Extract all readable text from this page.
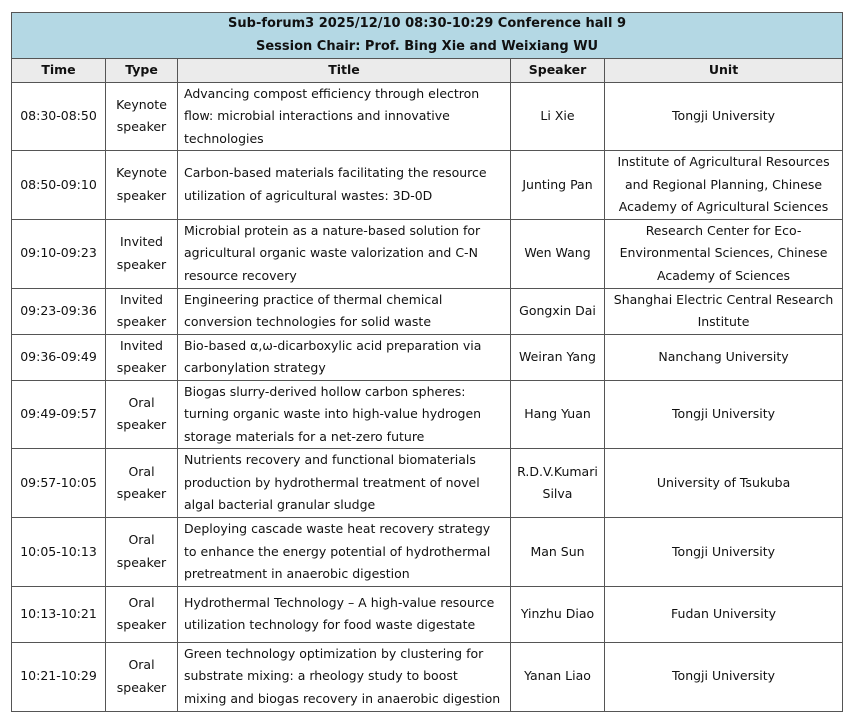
Sub-forum3 2025/12/10 08:30-10:29 Conference hall 9
Session Chair: Prof. Bing Xie and Weixiang WU				

Time	Type	Title	Speaker	Unit
08:30-08:50	Keynote speaker	Advancing compost efficiency through electron flow: microbial interactions and innovative technologies	Li Xie	Tongji University
08:50-09:10	Keynote speaker	Carbon-based materials facilitating the resource utilization of agricultural wastes: 3D-0D	Junting Pan	Institute of Agricultural Resources and Regional Planning, Chinese Academy of Agricultural Sciences
09:10-09:23	Invited speaker	Microbial protein as a nature-based solution for agricultural organic waste valorization and C-N resource recovery	Wen Wang	Research Center for Eco-Environmental Sciences, Chinese Academy of Sciences
09:23-09:36	Invited speaker	Engineering practice of thermal chemical conversion technologies for solid waste	Gongxin Dai	Shanghai Electric Central Research Institute
09:36-09:49	Invited speaker	Bio-based α,ω-dicarboxylic acid preparation via carbonylation strategy	Weiran Yang	Nanchang University
09:49-09:57	Oral speaker	Biogas slurry-derived hollow carbon spheres: turning organic waste into high-value hydrogen storage materials for a net-zero future	Hang Yuan	Tongji University
09:57-10:05	Oral speaker	Nutrients recovery and functional biomaterials production by hydrothermal treatment of novel algal bacterial granular sludge	R.D.V.Kumari Silva	University of Tsukuba
10:05-10:13	Oral speaker	Deploying cascade waste heat recovery strategy to enhance the energy potential of hydrothermal pretreatment in anaerobic digestion	Man Sun	Tongji University
10:13-10:21	Oral speaker	Hydrothermal Technology – A high-value resource utilization technology for food waste digestate	Yinzhu Diao	Fudan University
10:21-10:29	Oral speaker	Green technology optimization by clustering for substrate mixing: a rheology study to boost mixing and biogas recovery in anaerobic digestion	Yanan Liao	Tongji University
